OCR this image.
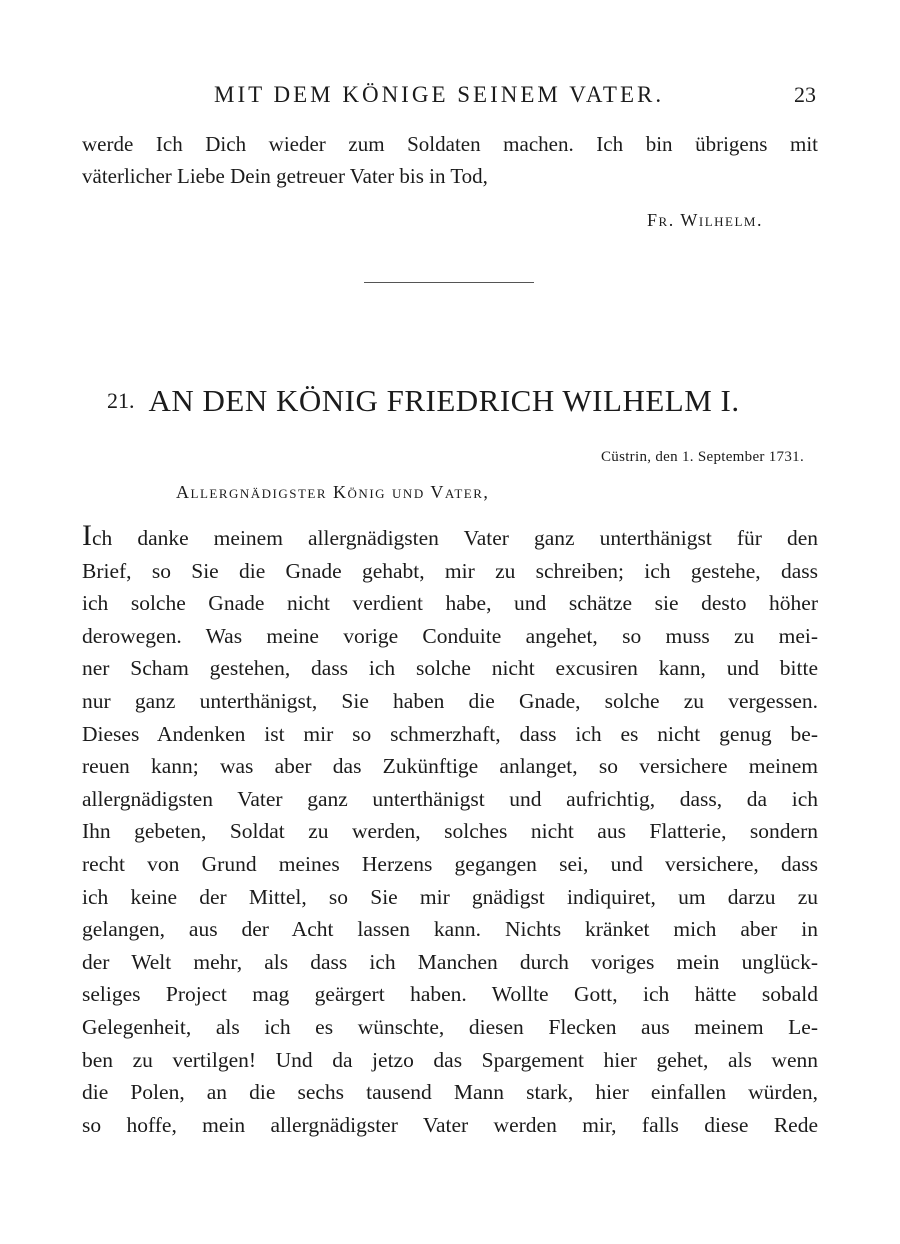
MIT DEM KÖNIGE SEINEM VATER.	23
werde Ich Dich wieder zum Soldaten machen. Ich bin übrigens mit
väterlicher Liebe Dein getreuer Vater bis in Tod,
Fr. Wilhelm.
21. AN DEN KÖNIG FRIEDRICH WILHELM I.
Cüstrin, den 1. September 1731.
Allergnädigster König und Vater,
Ich danke meinem allergnädigsten Vater ganz unterthänigst für den
Brief, so Sie die Gnade gehabt, mir zu schreiben; ich gestehe, dass
ich solche Gnade nicht verdient habe, und schätze sie desto höher
derowegen. Was meine vorige Conduite angehet, so muss zu mei-
ner Scham gestehen, dass ich solche nicht excusiren kann, und bitte
nur ganz unterthänigst, Sie haben die Gnade, solche zu vergessen.
Dieses Andenken ist mir so schmerzhaft, dass ich es nicht genug be-
reuen kann; was aber das Zukünftige anlanget, so versichere meinem
allergnädigsten Vater ganz unterthänigst und aufrichtig, dass, da ich
Ihn gebeten, Soldat zu werden, solches nicht aus Flatterie, sondern
recht von Grund meines Herzens gegangen sei, und versichere, dass
ich keine der Mittel, so Sie mir gnädigst indiquiret, um darzu zu
gelangen, aus der Acht lassen kann. Nichts kränket mich aber in
der Welt mehr, als dass ich Manchen durch voriges mein unglück-
seliges Project mag geärgert haben. Wollte Gott, ich hätte sobald
Gelegenheit, als ich es wünschte, diesen Flecken aus meinem Le-
ben zu vertilgen! Und da jetzo das Spargement hier gehet, als wenn
die Polen, an die sechs tausend Mann stark, hier einfallen würden,
so hoffe, mein allergnädigster Vater werden mir, falls diese Rede
